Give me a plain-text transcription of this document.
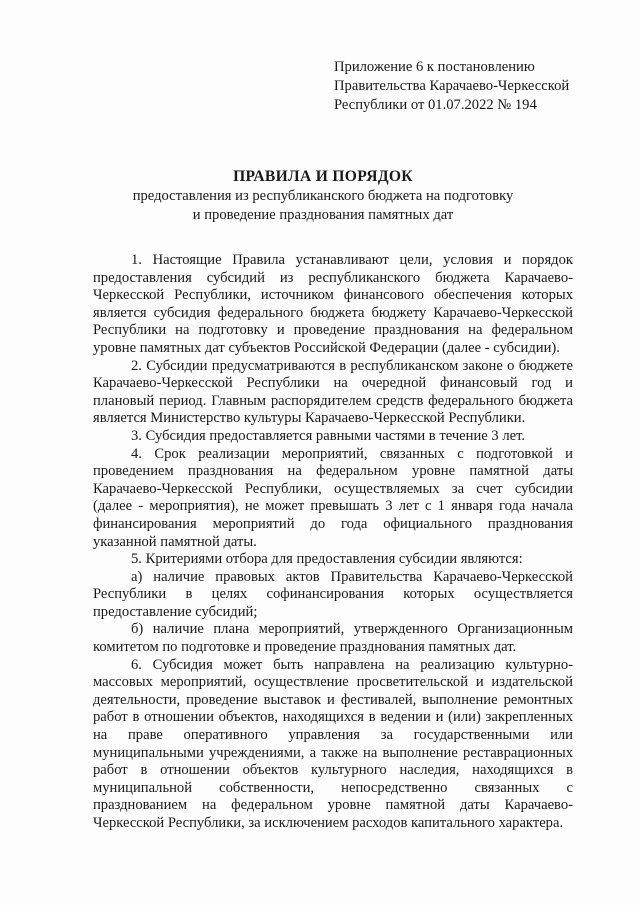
Приложение 6 к постановлению
Правительства Карачаево-Черкесской
Республики от 01.07.2022 № 194
ПРАВИЛА И ПОРЯДОК
предоставления из республиканского бюджета на подготовку
и проведение празднования памятных дат

1. Настоящие Правила устанавливают цели, условия и порядок предоставления субсидий из республиканского бюджета Карачаево-Черкесской Республики, источником финансового обеспечения которых является субсидия федерального бюджета бюджету Карачаево-Черкесской Республики на подготовку и проведение празднования на федеральном уровне памятных дат субъектов Российской Федерации (далее - субсидии).

2. Субсидии предусматриваются в республиканском законе о бюджете Карачаево-Черкесской Республики на очередной финансовый год и плановый период. Главным распорядителем средств федерального бюджета является Министерство культуры Карачаево-Черкесской Республики.

3. Субсидия предоставляется равными частями в течение 3 лет.

4. Срок реализации мероприятий, связанных с подготовкой и проведением празднования на федеральном уровне памятной даты Карачаево-Черкесской Республики, осуществляемых за счет субсидии (далее - мероприятия), не может превышать 3 лет с 1 января года начала финансирования мероприятий до года официального празднования указанной памятной даты.

5. Критериями отбора для предоставления субсидии являются:

а) наличие правовых актов Правительства Карачаево-Черкесской Республики в целях софинансирования которых осуществляется предоставление субсидий;

б) наличие плана мероприятий, утвержденного Организационным комитетом по подготовке и проведение празднования памятных дат.

6. Субсидия может быть направлена на реализацию культурно-массовых мероприятий, осуществление просветительской и издательской деятельности, проведение выставок и фестивалей, выполнение ремонтных работ в отношении объектов, находящихся в ведении и (или) закрепленных на праве оперативного управления за государственными или муниципальными учреждениями, а также на выполнение реставрационных работ в отношении объектов культурного наследия, находящихся в муниципальной собственности, непосредственно связанных с празднованием на федеральном уровне памятной даты Карачаево-Черкесской Республики, за исключением расходов капитального характера.
